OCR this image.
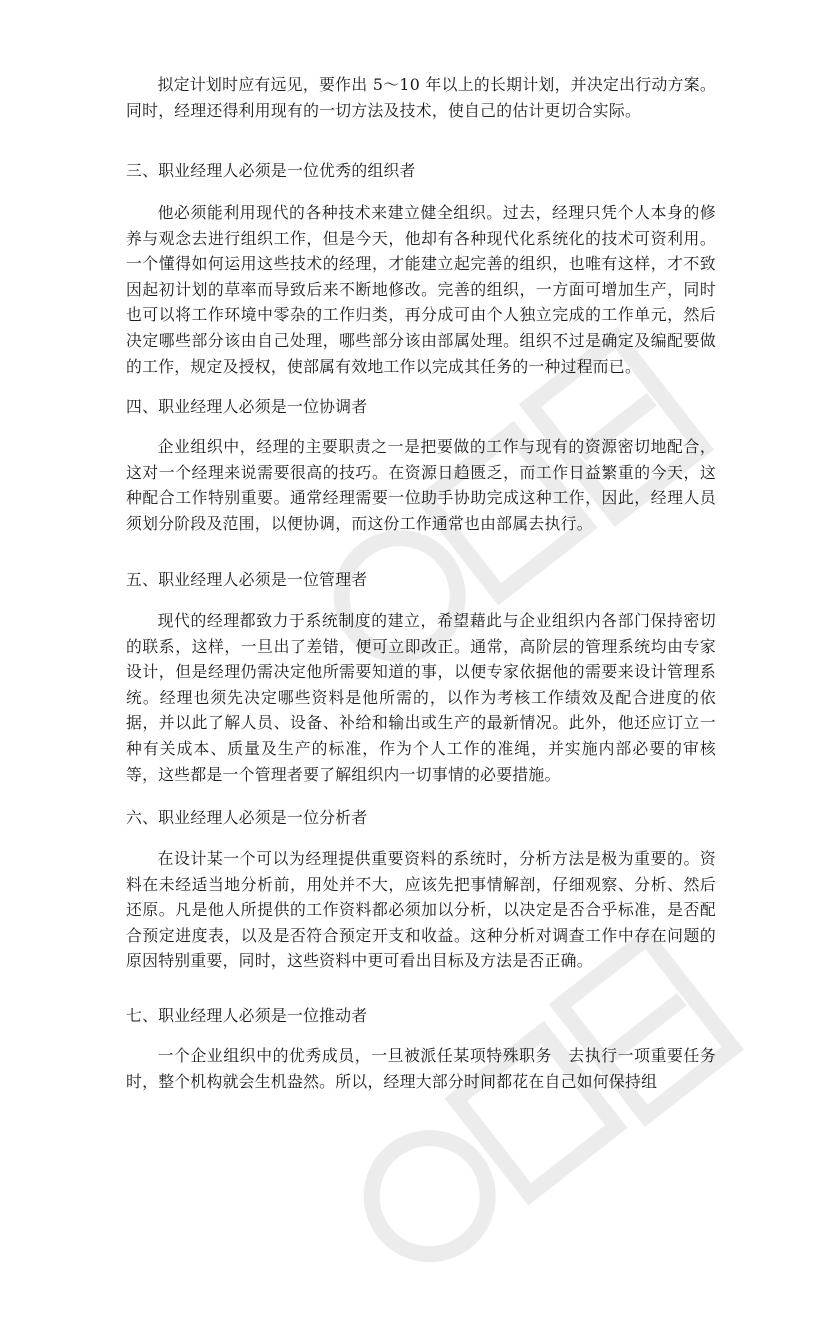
拟定计划时应有远见，要作出 5～10 年以上的长期计划，并决定出行动方案。同时，经理还得利用现有的一切方法及技术，使自己的估计更切合实际。

三、职业经理人必须是一位优秀的组织者

他必须能利用现代的各种技术来建立健全组织。过去，经理只凭个人本身的修养与观念去进行组织工作，但是今天，他却有各种现代化系统化的技术可资利用。一个懂得如何运用这些技术的经理，才能建立起完善的组织，也唯有这样，才不致因起初计划的草率而导致后来不断地修改。完善的组织，一方面可增加生产，同时也可以将工作环境中零杂的工作归类，再分成可由个人独立完成的工作单元，然后决定哪些部分该由自己处理，哪些部分该由部属处理。组织不过是确定及编配要做的工作，规定及授权，使部属有效地工作以完成其任务的一种过程而已。

四、职业经理人必须是一位协调者

企业组织中，经理的主要职责之一是把要做的工作与现有的资源密切地配合，这对一个经理来说需要很高的技巧。在资源日趋匮乏，而工作日益繁重的今天，这种配合工作特别重要。通常经理需要一位助手协助完成这种工作，因此，经理人员须划分阶段及范围，以便协调，而这份工作通常也由部属去执行。

五、职业经理人必须是一位管理者

现代的经理都致力于系统制度的建立，希望藉此与企业组织内各部门保持密切的联系，这样，一旦出了差错，便可立即改正。通常，高阶层的管理系统均由专家设计，但是经理仍需决定他所需要知道的事，以便专家依据他的需要来设计管理系统。经理也须先决定哪些资料是他所需的，以作为考核工作绩效及配合进度的依据，并以此了解人员、设备、补给和输出或生产的最新情况。此外，他还应订立一种有关成本、质量及生产的标准，作为个人工作的准绳，并实施内部必要的审核等，这些都是一个管理者要了解组织内一切事情的必要措施。

六、职业经理人必须是一位分析者

在设计某一个可以为经理提供重要资料的系统时，分析方法是极为重要的。资料在未经适当地分析前，用处并不大，应该先把事情解剖，仔细观察、分析、然后还原。凡是他人所提供的工作资料都必须加以分析，以决定是否合乎标准，是否配合预定进度表，以及是否符合预定开支和收益。这种分析对调查工作中存在问题的原因特别重要，同时，这些资料中更可看出目标及方法是否正确。

七、职业经理人必须是一位推动者

一个企业组织中的优秀成员，一旦被派任某项特殊职务　去执行一项重要任务时，整个机构就会生机盎然。所以，经理大部分时间都花在自己如何保持组
